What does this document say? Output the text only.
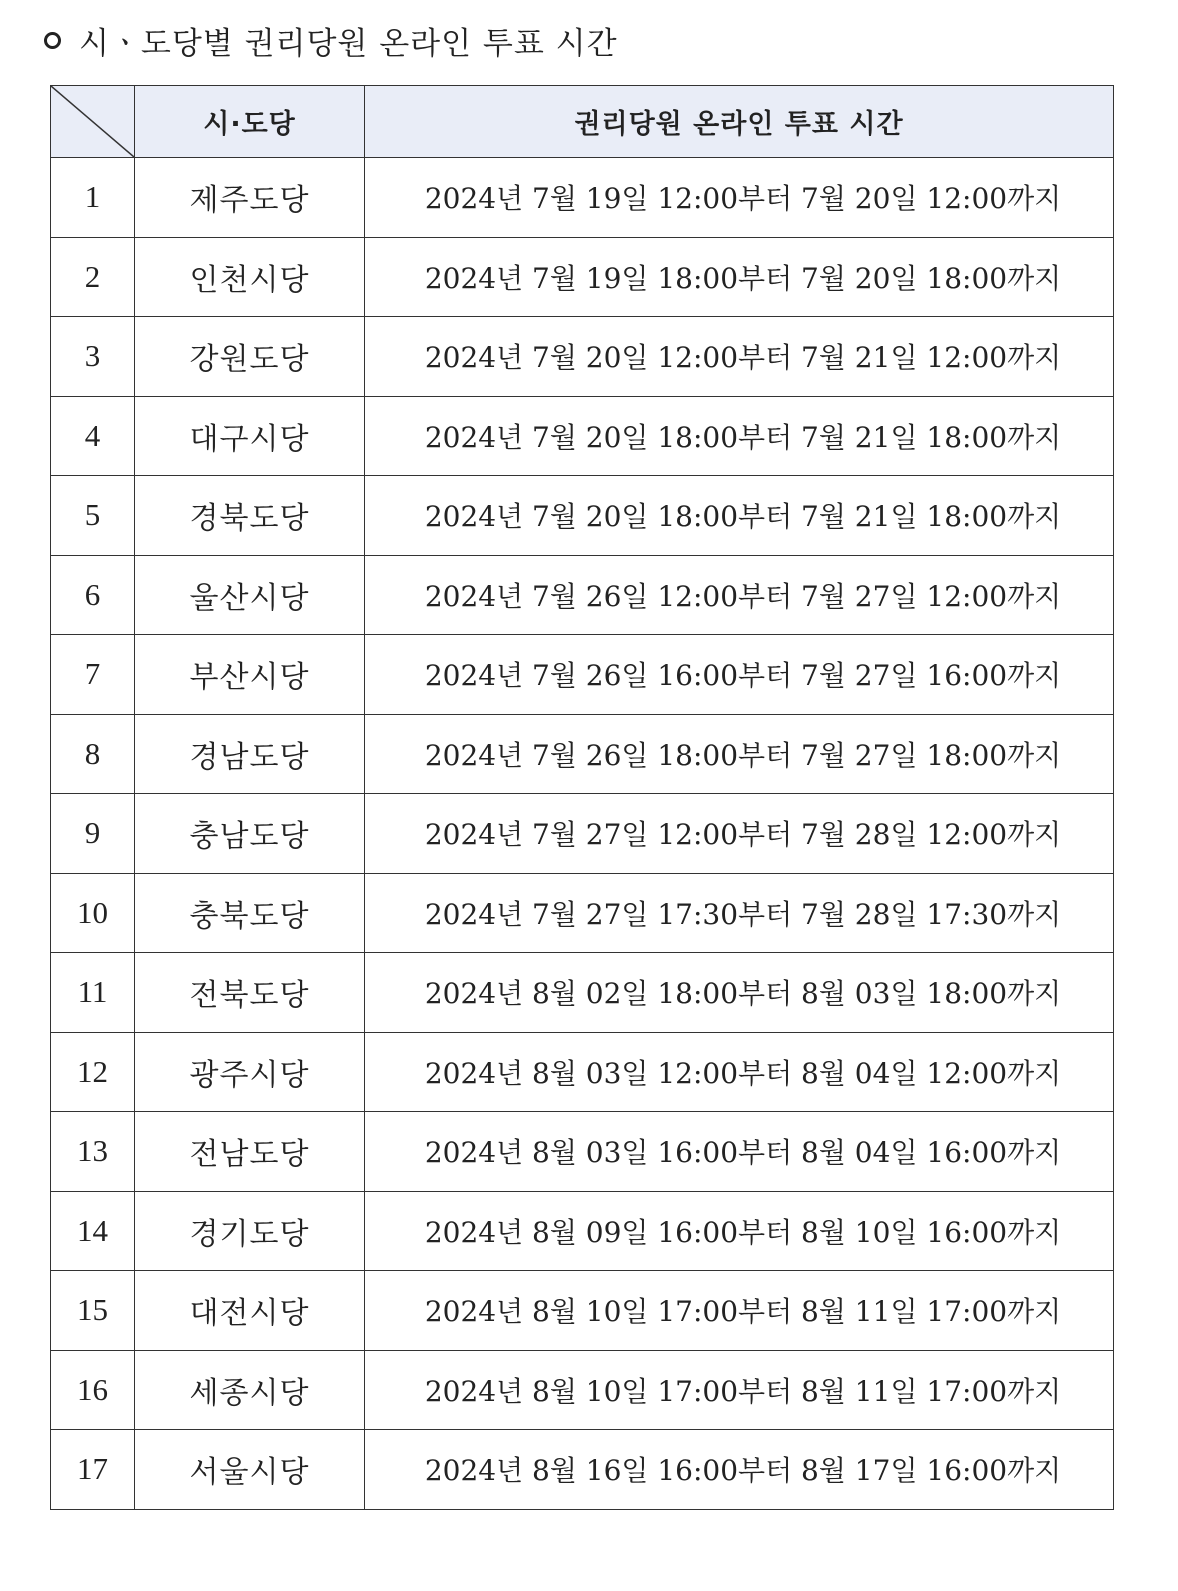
시ㆍ도당별 권리당원 온라인 투표 시간
	시·도당	권리당원 온라인 투표 시간
1	제주도당	2024년 7월 19일 12:00부터 7월 20일 12:00까지
2	인천시당	2024년 7월 19일 18:00부터 7월 20일 18:00까지
3	강원도당	2024년 7월 20일 12:00부터 7월 21일 12:00까지
4	대구시당	2024년 7월 20일 18:00부터 7월 21일 18:00까지
5	경북도당	2024년 7월 20일 18:00부터 7월 21일 18:00까지
6	울산시당	2024년 7월 26일 12:00부터 7월 27일 12:00까지
7	부산시당	2024년 7월 26일 16:00부터 7월 27일 16:00까지
8	경남도당	2024년 7월 26일 18:00부터 7월 27일 18:00까지
9	충남도당	2024년 7월 27일 12:00부터 7월 28일 12:00까지
10	충북도당	2024년 7월 27일 17:30부터 7월 28일 17:30까지
11	전북도당	2024년 8월 02일 18:00부터 8월 03일 18:00까지
12	광주시당	2024년 8월 03일 12:00부터 8월 04일 12:00까지
13	전남도당	2024년 8월 03일 16:00부터 8월 04일 16:00까지
14	경기도당	2024년 8월 09일 16:00부터 8월 10일 16:00까지
15	대전시당	2024년 8월 10일 17:00부터 8월 11일 17:00까지
16	세종시당	2024년 8월 10일 17:00부터 8월 11일 17:00까지
17	서울시당	2024년 8월 16일 16:00부터 8월 17일 16:00까지
